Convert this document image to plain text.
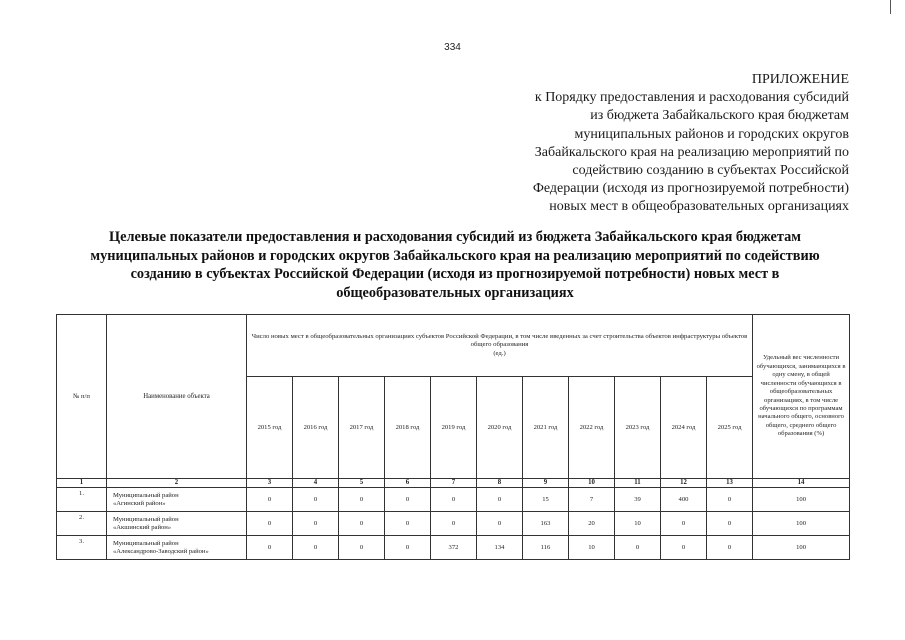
334
ПРИЛОЖЕНИЕ
к Порядку предоставления и расходования субсидий
из бюджета Забайкальского края бюджетам
муниципальных районов и городских округов
Забайкальского края на реализацию мероприятий по
содействию созданию в субъектах Российской
Федерации (исходя из прогнозируемой потребности)
новых мест в общеобразовательных организациях
Целевые показатели предоставления и расходования субсидий из бюджета Забайкальского края бюджетам
муниципальных районов и городских округов Забайкальского края на реализацию мероприятий по содействию
созданию в субъектах Российской Федерации (исходя из прогнозируемой потребности) новых мест в
общеобразовательных организациях
№ п/п	Наименование объекта	Число новых мест в общеобразовательных организациях субъектов Российской Федерации, в том числе введенных за счет строительства объектов инфраструктуры объектов общего образования
(ед.)											Удельный вес численности обучающихся, занимающихся в одну смену, в общей численности обучающихся в общеобразовательных организациях, в том числе обучающихся по программам начального общего, основного общего, среднего общего образования (%)
		2015 год	2016 год	2017 год	2018 год	2019 год	2020 год	2021 год	2022 год	2023 год	2024 год	2025 год	
1	2	3	4	5	6	7	8	9	10	11	12	13	14
1.	Муниципальный район
«Агинский район»	0	0	0	0	0	0	15	7	39	400	0	100
2.	Муниципальный район
«Акшинский район»	0	0	0	0	0	0	163	20	10	0	0	100
3.	Муниципальный район
«Александрово-Заводский район»	0	0	0	0	372	134	116	10	0	0	0	100
